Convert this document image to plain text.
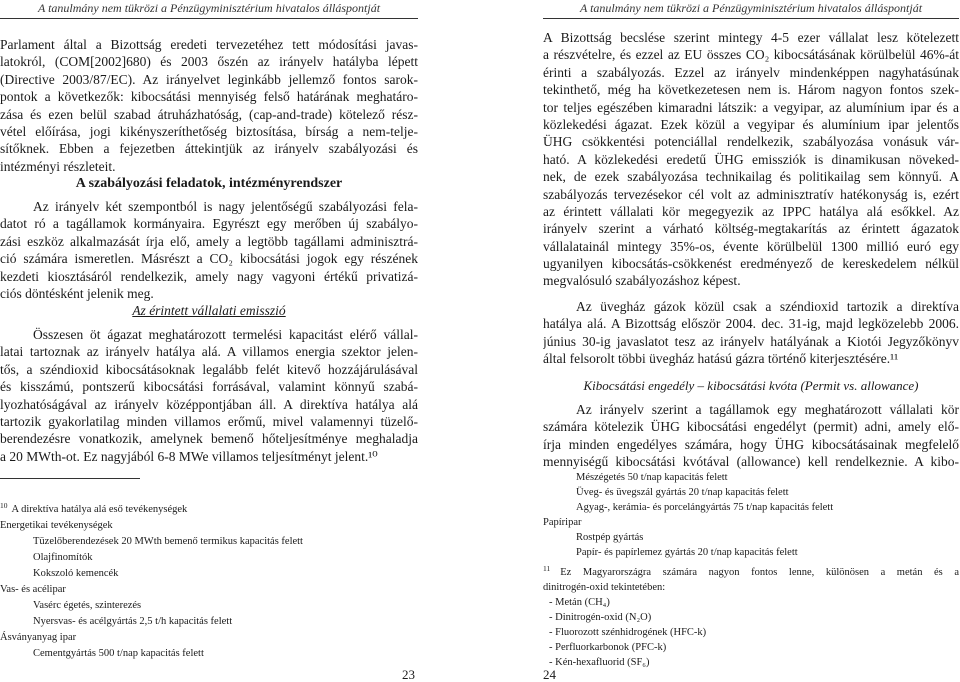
A tanulmány nem tükrözi a Pénzügyminisztérium hivatalos álláspontját
Parlament által a Bizottság eredeti tervezetéhez tett módosítási javas-
latokról, (COM[2002]680) és 2003 őszén az irányelv hatályba lépett
(Directive 2003/87/EC). Az irányelvet leginkább jellemző fontos sarok-
pontok a következők: kibocsátási mennyiség felső határának meghatáro-
zása és ezen belül szabad átruházhatóság, (cap-and-trade) kötelező rész-
vétel előírása, jogi kikényszeríthetőség biztosítása, bírság a nem-telje-
sítőknek. Ebben a fejezetben áttekintjük az irányelv szabályozási és
intézményi részleteit.
A szabályozási feladatok, intézményrendszer
Az irányelv két szempontból is nagy jelentőségű szabályozási fela-
datot ró a tagállamok kormányaira. Egyrészt egy merőben új szabályo-
zási eszköz alkalmazását írja elő, amely a legtöbb tagállami adminisztrá-
ció számára ismeretlen. Másrészt a CO₂ kibocsátási jogok egy részének
kezdeti kiosztásáról rendelkezik, amely nagy vagyoni értékű privatizá-
ciós döntésként jelenik meg.
Az érintett vállalati emisszió
Összesen öt ágazat meghatározott termelési kapacitást elérő vállal-
latai tartoznak az irányelv hatálya alá. A villamos energia szektor jelen-
tős, a széndioxid kibocsátásoknak legalább felét kitevő hozzájárulásával
és kisszámú, pontszerű kibocsátási forrásával, valamint könnyű szabá-
lyozhatóságával az irányelv középpontjában áll. A direktíva hatálya alá
tartozik gyakorlatilag minden villamos erőmű, mivel valamennyi tüzelő-
berendezésre vonatkozik, amelynek bemenő hőteljesítménye meghaladja
a 20 MWth-ot. Ez nagyjából 6-8 MWe villamos teljesítményt jelent.¹⁰
$^{10}$ A direktíva hatálya alá eső tevékenységek
Energetikai tevékenységek
Tüzelőberendezések 20 MWth bemenő termikus kapacitás felett
Olajfinomítók
Kokszoló kemencék
Vas- és acélipar
Vasérc égetés, szinterezés
Nyersvas- és acélgyártás 2,5 t/h kapacitás felett
Ásványanyag ipar
Cementgyártás 500 t/nap kapacitás felett
23
A tanulmány nem tükrözi a Pénzügyminisztérium hivatalos álláspontját
A Bizottság becslése szerint mintegy 4-5 ezer vállalat lesz kötelezett
a részvételre, és ezzel az EU összes CO₂ kibocsátásának körülbelül 46%-át
érinti a szabályozás. Ezzel az irányelv mindenképpen nagyhatásúnak
tekinthető, még ha következetesen nem is. Három nagyon fontos szek-
tor teljes egészében kimaradni látszik: a vegyipar, az alumínium ipar és a
közlekedési ágazat. Ezek közül a vegyipar és alumínium ipar jelentős
ÜHG csökkentési potenciállal rendelkezik, szabályozása vonásuk vár-
ható. A közlekedési eredetű ÜHG emissziók is dinamikusan növeked-
nek, de ezek szabályozása technikailag és politikailag sem könnyű. A
szabályozás tervezésekor cél volt az adminisztratív hatékonyság is, ezért
az érintett vállalati kör megegyezik az IPPC hatálya alá esőkkel. Az
irányelv szerint a várható költség-megtakarítás az érintett ágazatok
vállalatainál mintegy 35%-os, évente körülbelül 1300 millió euró egy
ugyanilyen kibocsátás-csökkenést eredményező de kereskedelem nélkül
megvalósuló szabályozáshoz képest.
Az üvegház gázok közül csak a széndioxid tartozik a direktíva
hatálya alá. A Bizottság először 2004. dec. 31-ig, majd legközelebb 2006.
június 30-ig javaslatot tesz az irányelv hatályának a Kiotói Jegyzőkönyv
által felsorolt többi üvegház hatású gázra történő kiterjesztésére.¹¹
Kibocsátási engedély – kibocsátási kvóta (Permit vs. allowance)
Az irányelv szerint a tagállamok egy meghatározott vállalati kör
számára kötelezik ÜHG kibocsátási engedélyt (permit) adni, amely elő-
írja minden engedélyes számára, hogy ÜHG kibocsátásainak megfelelő
mennyiségű kibocsátási kvótával (allowance) kell rendelkeznie. A kibo-
Mészégetés 50 t/nap kapacitás felett
Üveg- és üvegszál gyártás 20 t/nap kapacitás felett
Agyag-, kerámia- és porcelángyártás 75 t/nap kapacitás felett
Papíripar
Rostpép gyártás
Papír- és papírlemez gyártás 20 t/nap kapacitás felett
$^{11}$ Ez Magyarországra számára nagyon fontos lenne, különösen a metán és a
dinitrogén-oxid tekintetében:
- Metán (CH₄)
- Dinitrogén-oxid (N₂O)
- Fluorozott szénhidrogének (HFC-k)
- Perfluorkarbonok (PFC-k)
- Kén-hexafluorid (SF₆)
24
